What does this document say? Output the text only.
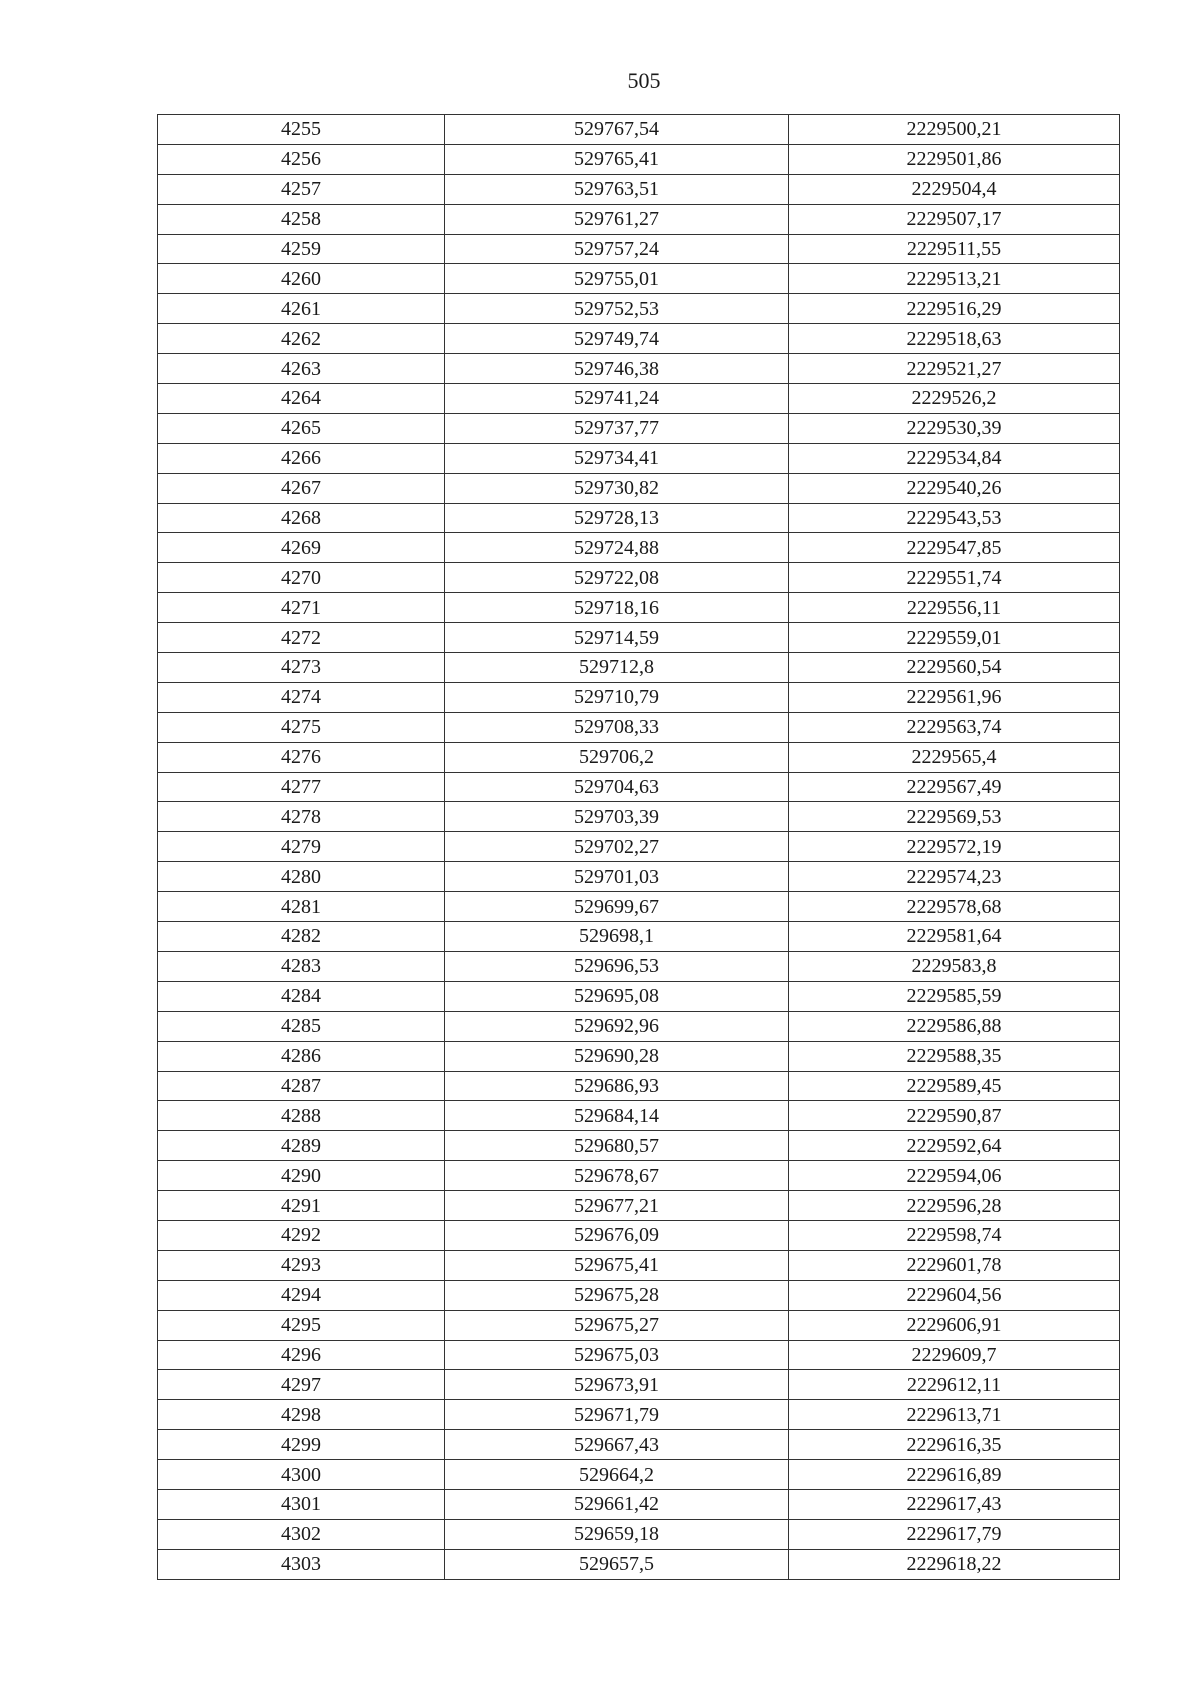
505
4255	529767,54	2229500,21
4256	529765,41	2229501,86
4257	529763,51	2229504,4
4258	529761,27	2229507,17
4259	529757,24	2229511,55
4260	529755,01	2229513,21
4261	529752,53	2229516,29
4262	529749,74	2229518,63
4263	529746,38	2229521,27
4264	529741,24	2229526,2
4265	529737,77	2229530,39
4266	529734,41	2229534,84
4267	529730,82	2229540,26
4268	529728,13	2229543,53
4269	529724,88	2229547,85
4270	529722,08	2229551,74
4271	529718,16	2229556,11
4272	529714,59	2229559,01
4273	529712,8	2229560,54
4274	529710,79	2229561,96
4275	529708,33	2229563,74
4276	529706,2	2229565,4
4277	529704,63	2229567,49
4278	529703,39	2229569,53
4279	529702,27	2229572,19
4280	529701,03	2229574,23
4281	529699,67	2229578,68
4282	529698,1	2229581,64
4283	529696,53	2229583,8
4284	529695,08	2229585,59
4285	529692,96	2229586,88
4286	529690,28	2229588,35
4287	529686,93	2229589,45
4288	529684,14	2229590,87
4289	529680,57	2229592,64
4290	529678,67	2229594,06
4291	529677,21	2229596,28
4292	529676,09	2229598,74
4293	529675,41	2229601,78
4294	529675,28	2229604,56
4295	529675,27	2229606,91
4296	529675,03	2229609,7
4297	529673,91	2229612,11
4298	529671,79	2229613,71
4299	529667,43	2229616,35
4300	529664,2	2229616,89
4301	529661,42	2229617,43
4302	529659,18	2229617,79
4303	529657,5	2229618,22
